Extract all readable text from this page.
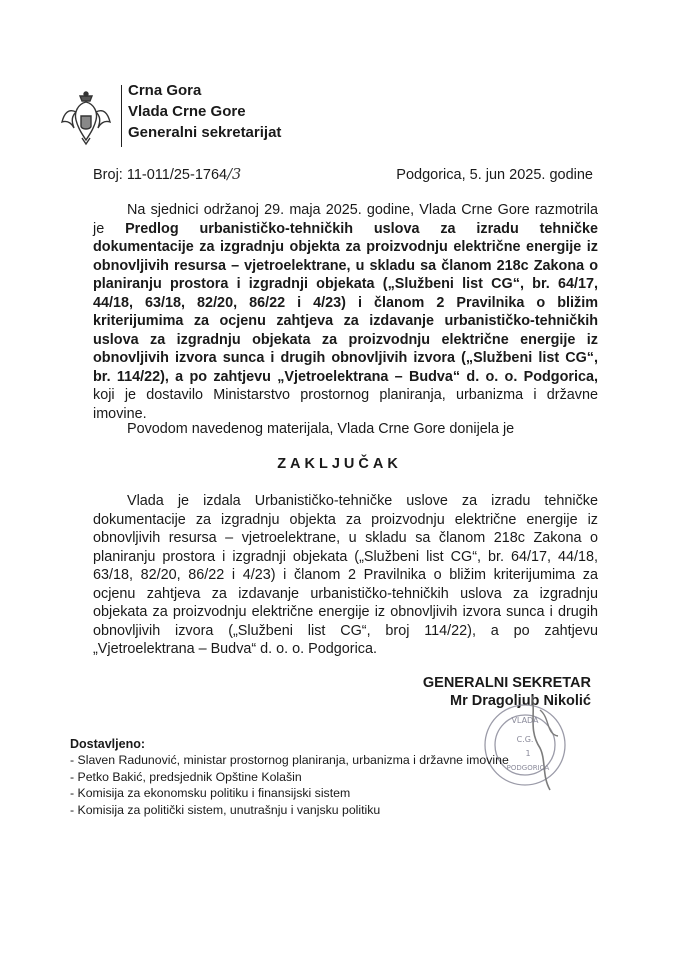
Crna Gora
Vlada Crne Gore
Generalni sekretarijat
Broj: 11-011/25-1764/3	Podgorica, 5. jun 2025. godine
Na sjednici održanoj 29. maja 2025. godine, Vlada Crne Gore razmotrila je Predlog urbanističko-tehničkih uslova za izradu tehničke dokumentacije za izgradnju objekta za proizvodnju električne energije iz obnovljivih resursa – vjetroelektrane, u skladu sa članom 218c Zakona o planiranju prostora i izgradnji objekata („Službeni list CG“, br. 64/17, 44/18, 63/18, 82/20, 86/22 i 4/23) i članom 2 Pravilnika o bližim kriterijumima za ocjenu zahtjeva za izdavanje urbanističko-tehničkih uslova za izgradnju objekata za proizvodnju električne energije iz obnovljivih izvora sunca i drugih obnovljivih izvora („Službeni list CG“, br. 114/22), a po zahtjevu „Vjetroelektrana – Budva“ d. o. o. Podgorica, koji je dostavilo Ministarstvo prostornog planiranja, urbanizma i državne imovine.
Povodom navedenog materijala, Vlada Crne Gore donijela je
ZAKLJUČAK
Vlada je izdala Urbanističko-tehničke uslove za izradu tehničke dokumentacije za izgradnju objekta za proizvodnju električne energije iz obnovljivih resursa – vjetroelektrane, u skladu sa članom 218c Zakona o planiranju prostora i izgradnji objekata („Službeni list CG“, br. 64/17, 44/18, 63/18, 82/20, 86/22 i 4/23) i članom 2 Pravilnika o bližim kriterijumima za ocjenu zahtjeva za izdavanje urbanističko-tehničkih uslova za izgradnju objekata za proizvodnju električne energije iz obnovljivih izvora sunca i drugih obnovljivih izvora („Službeni list CG“, broj 114/22), a po zahtjevu „Vjetroelektrana – Budva“ d. o. o. Podgorica.
GENERALNI SEKRETAR
Mr Dragoljub Nikolić
VLADA
C.G.
1
PODGORICA
Dostavljeno:
- Slaven Radunović, ministar prostornog planiranja, urbanizma i državne imovine
- Petko Bakić, predsjednik Opštine Kolašin
- Komisija za ekonomsku politiku i finansijski sistem
- Komisija za politički sistem, unutrašnju i vanjsku politiku
